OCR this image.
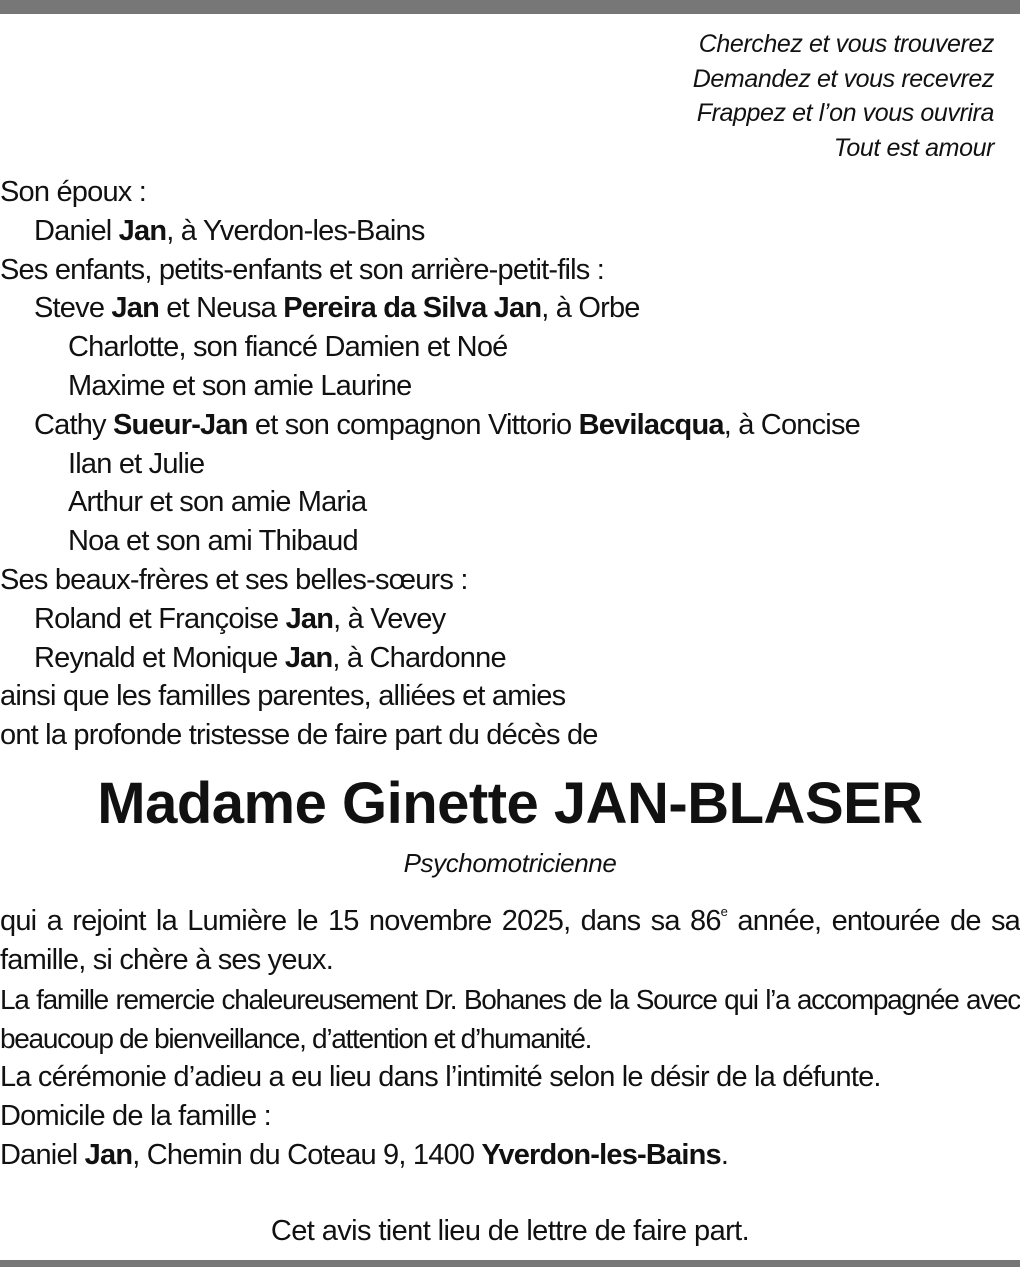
Cherchez et vous trouverez
Demandez et vous recevrez
Frappez et l’on vous ouvrira
Tout est amour
Son époux :
Daniel Jan, à Yverdon-les-Bains
Ses enfants, petits-enfants et son arrière-petit-fils :
Steve Jan et Neusa Pereira da Silva Jan, à Orbe
Charlotte, son fiancé Damien et Noé
Maxime et son amie Laurine
Cathy Sueur-Jan et son compagnon Vittorio Bevilacqua, à Concise
Ilan et Julie
Arthur et son amie Maria
Noa et son ami Thibaud
Ses beaux-frères et ses belles-sœurs :
Roland et Françoise Jan, à Vevey
Reynald et Monique Jan, à Chardonne
ainsi que les familles parentes, alliées et amies
ont la profonde tristesse de faire part du décès de
Madame Ginette JAN-BLASER
Psychomotricienne
qui a rejoint la Lumière le 15 novembre 2025, dans sa 86e année, entourée de sa famille, si chère à ses yeux.
La famille remercie chaleureusement Dr. Bohanes de la Source qui l’a accompagnée avec beaucoup de bienveillance, d’attention et d’humanité.
La cérémonie d’adieu a eu lieu dans l’intimité selon le désir de la défunte.
Domicile de la famille :
Daniel Jan, Chemin du Coteau 9, 1400 Yverdon-les-Bains.
Cet avis tient lieu de lettre de faire part.
